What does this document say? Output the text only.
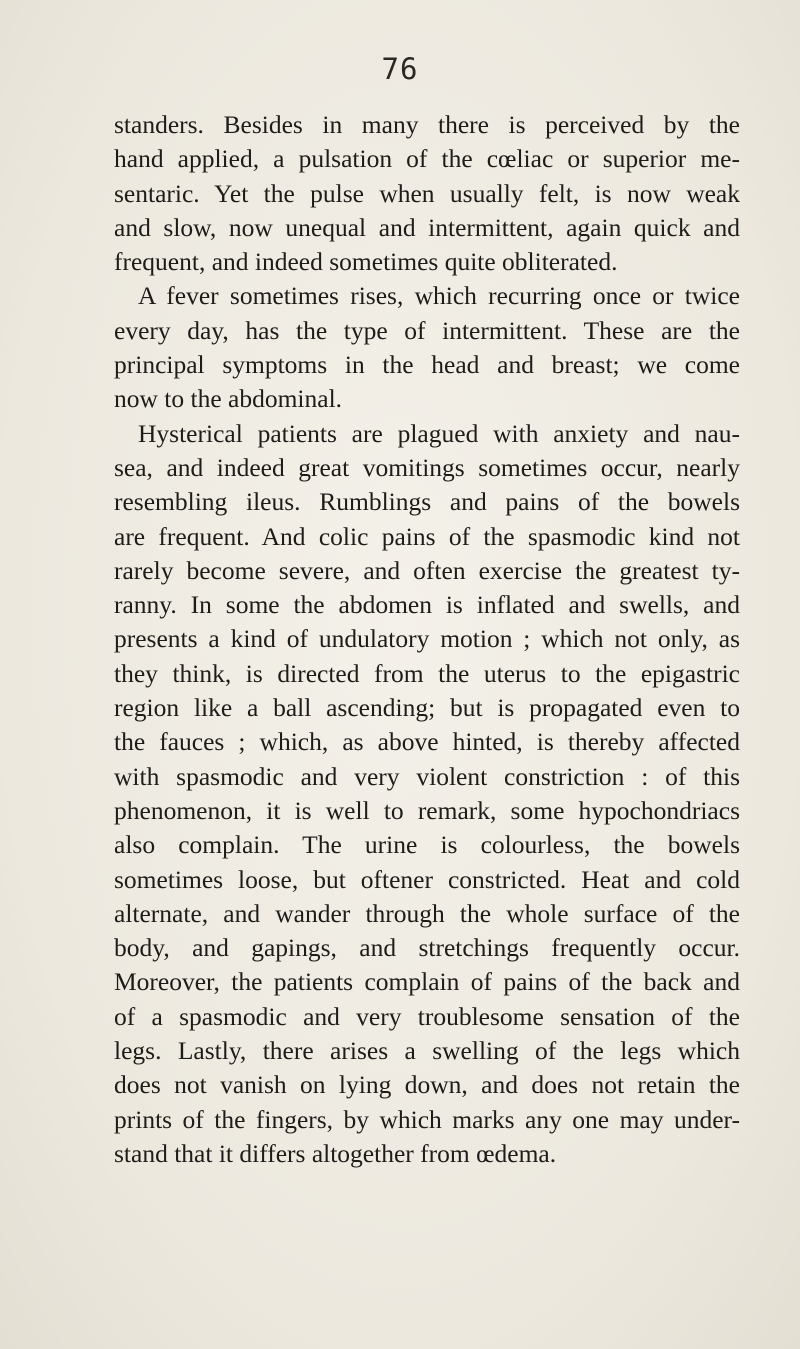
76
standers. Besides in many there is perceived by the
hand applied, a pulsation of the cœliac or superior me-
sentaric. Yet the pulse when usually felt, is now weak
and slow, now unequal and intermittent, again quick and
frequent, and indeed sometimes quite obliterated.
A fever sometimes rises, which recurring once or twice
every day, has the type of intermittent. These are the
principal symptoms in the head and breast; we come
now to the abdominal.
Hysterical patients are plagued with anxiety and nau-
sea, and indeed great vomitings sometimes occur, nearly
resembling ileus. Rumblings and pains of the bowels
are frequent. And colic pains of the spasmodic kind not
rarely become severe, and often exercise the greatest ty-
ranny. In some the abdomen is inflated and swells, and
presents a kind of undulatory motion ; which not only, as
they think, is directed from the uterus to the epigastric
region like a ball ascending; but is propagated even to
the fauces ; which, as above hinted, is thereby affected
with spasmodic and very violent constriction : of this
phenomenon, it is well to remark, some hypochondriacs
also complain. The urine is colourless, the bowels
sometimes loose, but oftener constricted. Heat and cold
alternate, and wander through the whole surface of the
body, and gapings, and stretchings frequently occur.
Moreover, the patients complain of pains of the back and
of a spasmodic and very troublesome sensation of the
legs. Lastly, there arises a swelling of the legs which
does not vanish on lying down, and does not retain the
prints of the fingers, by which marks any one may under-
stand that it differs altogether from œdema.
